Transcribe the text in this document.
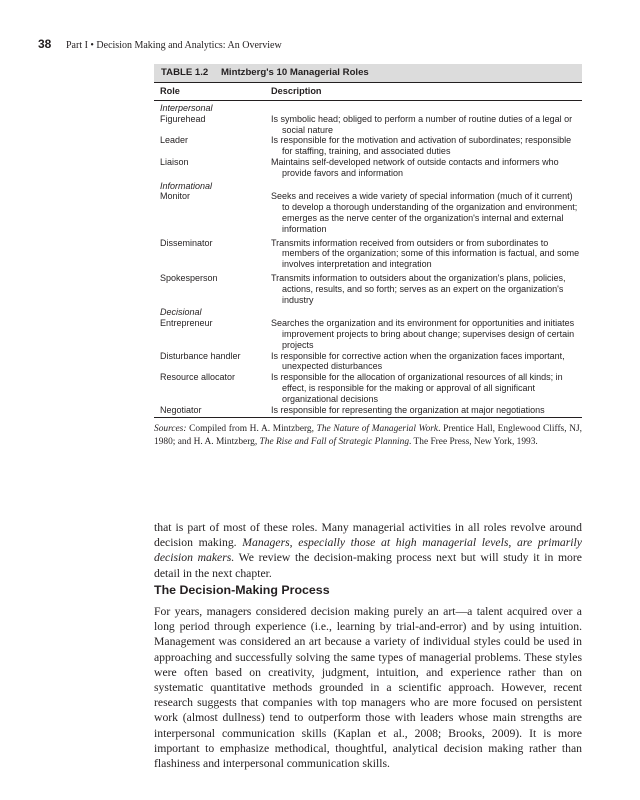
38 Part I • Decision Making and Analytics: An Overview
TABLE 1.2 Mintzberg's 10 Managerial Roles
Role	Description
Interpersonal
Figurehead	Is symbolic head; obliged to perform a number of routine duties of a legal or social nature
Leader	Is responsible for the motivation and activation of subordinates; responsible for staffing, training, and associated duties
Liaison	Maintains self-developed network of outside contacts and informers who provide favors and information
Informational
Monitor	Seeks and receives a wide variety of special information (much of it current) to develop a thorough understanding of the organization and environment; emerges as the nerve center of the organization's internal and external information
Disseminator	Transmits information received from outsiders or from subordinates to members of the organization; some of this information is factual, and some involves interpretation and integration
Spokesperson	Transmits information to outsiders about the organization's plans, policies, actions, results, and so forth; serves as an expert on the organization's industry
Decisional
Entrepreneur	Searches the organization and its environment for opportunities and initiates improvement projects to bring about change; supervises design of certain projects
Disturbance handler	Is responsible for corrective action when the organization faces important, unexpected disturbances
Resource allocator	Is responsible for the allocation of organizational resources of all kinds; in effect, is responsible for the making or approval of all significant organizational decisions
Negotiator	Is responsible for representing the organization at major negotiations
Sources: Compiled from H. A. Mintzberg, The Nature of Managerial Work. Prentice Hall, Englewood Cliffs, NJ, 1980; and H. A. Mintzberg, The Rise and Fall of Strategic Planning. The Free Press, New York, 1993.
that is part of most of these roles. Many managerial activities in all roles revolve around decision making. Managers, especially those at high managerial levels, are primarily decision makers. We review the decision-making process next but will study it in more detail in the next chapter.
The Decision-Making Process
For years, managers considered decision making purely an art—a talent acquired over a long period through experience (i.e., learning by trial-and-error) and by using intuition. Management was considered an art because a variety of individual styles could be used in approaching and successfully solving the same types of managerial problems. These styles were often based on creativity, judgment, intuition, and experience rather than on systematic quantitative methods grounded in a scientific approach. However, recent research suggests that companies with top managers who are more focused on persistent work (almost dullness) tend to outperform those with leaders whose main strengths are interpersonal communication skills (Kaplan et al., 2008; Brooks, 2009). It is more important to emphasize methodical, thoughtful, analytical decision making rather than flashiness and interpersonal communication skills.
